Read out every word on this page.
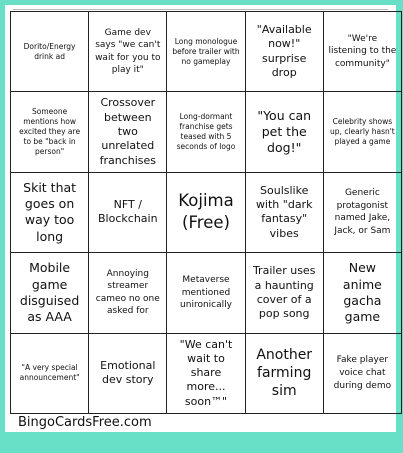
Dorito/Energy drink ad
Game dev says "we can't wait for you to play it"
Long monologue before trailer with no gameplay
"Available now!" surprise drop
"We're listening to the community"
Someone mentions how excited they are to be "back in person"
Crossover between two unrelated franchises
Long-dormant franchise gets teased with 5 seconds of logo
"You can pet the dog!"
Celebrity shows up, clearly hasn't played a game
Skit that goes on way too long
NFT / Blockchain
Kojima (Free)
Soulslike with "dark fantasy" vibes
Generic protagonist named Jake, Jack, or Sam
Mobile game disguised as AAA
Annoying streamer cameo no one asked for
Metaverse mentioned unironically
Trailer uses a haunting cover of a pop song
New anime gacha game
"A very special announcement"
Emotional dev story
"We can't wait to share more... soon™"
Another farming sim
Fake player voice chat during demo
BingoCardsFree.com
